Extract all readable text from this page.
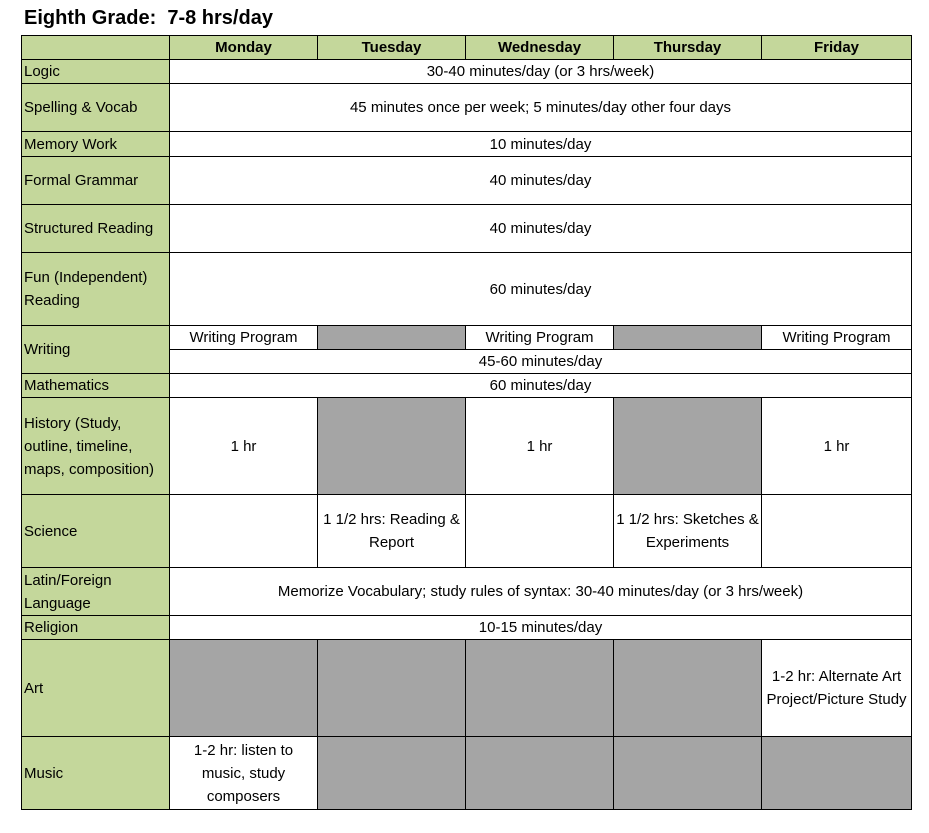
Eighth Grade:  7-8 hrs/day
	Monday	Tuesday	Wednesday	Thursday	Friday
Logic	30-40 minutes/day (or 3 hrs/week)				
Spelling & Vocab	45 minutes once per week; 5 minutes/day other four days				
Memory Work	10 minutes/day				
Formal Grammar	40 minutes/day				
Structured Reading	40 minutes/day				
Fun (Independent) Reading	60 minutes/day				
Writing	Writing Program		Writing Program		Writing Program
	45-60 minutes/day				
Mathematics	60 minutes/day				
History (Study, outline, timeline, maps, composition)	1 hr		1 hr		1 hr
Science		1 1/2 hrs: Reading & Report		1 1/2 hrs: Sketches & Experiments	
Latin/Foreign Language	Memorize Vocabulary; study rules of syntax: 30-40 minutes/day (or 3 hrs/week)				
Religion	10-15 minutes/day				
Art					1-2 hr: Alternate Art Project/Picture Study
Music	1-2 hr: listen to music, study composers				
